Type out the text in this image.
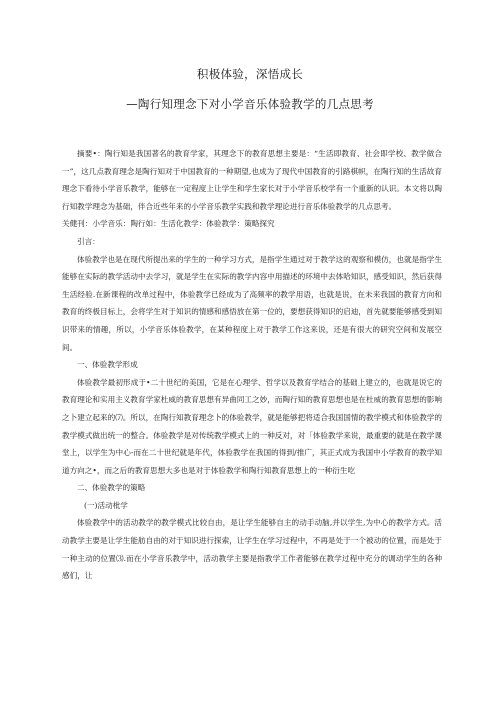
积极体验，深悟成长
—陶行知理念下对小学音乐体验教学的几点思考

摘要•：陶行知是我国著名的教育学家，其理念下的教育思想主要是：“生活即教育、社会即学校、教学做合一”，这几点教育理念是陶行知对于中国教育的一种期望,也成为了现代中国教育的引路棋帜，在陶行知的生活故育理念下看待小学音乐教学，能够在一定程度上让学生和学生家长对于小学音乐校学有一个重新的认识。本文将以陶行知教学理念为基础，伴合近些年来的小学音乐教学实践和教学理论进行音乐体验教学的几点思考。

关健刊：小学音乐：陶行如：生活化教学：体验教学：策略探究

引言：

体验教学也是在现代所提出来的学生的一种学习方式，是指学生通过对于教学这的观察和模仿，也就是指学生能够在实际的教学活动中去学习，就是学生在实际的教学内容中用描述的环境中去体哈知识，感受知识，然后获得生活经验.在新课程的改单过程中，体验教学已经成为了高频率的教学用语，也就是说，在未来我国的教育方向和教育的终极目标上，会将学生对于知识的情感和感悟放在第一位的，要想获得知识的启迪，首先就要能够感受到知识带来的情趣，所以，小学音乐体验教学，在某种程度上对于教学工作这来说，还是有很大的研究空间和发展空间。

一、体验教学形成

体验教学最初形成于•二十世纪的美国，它是在心理学、哲学以及教育学结合的基础上建立的，也就是说它的教育理论和实用主义教育学家杜威的教育思想有异曲同工之妙，而陶行知的教育思想也是在杜威的教育思想的影响之卜建立起来的⑺。所以，在陶行知教育理念卜的体验教学，就是能够把将适合我国国情的教学模式和体验教学的教学模式做出统一的整合。体验教学是对传统教学模式上的一种反对，对「体验教学来说，最重要的就是在教学课堂上，以学生为中心-而在二十世纪就是年代，体验教学在我国的得到/推广，其正式成为我国中小学教育的教学知道方向之•，而之后的教育思想大多也是对于体验教学和陶行知教育思想上的一种衍生吃

二、体验教学的策略

(一)活动枇学

体验教学中的活动教学的教学模式比较自由，是让学生能够自主的动手动脑,并以学生,为中心的教学方式。活动教学主要是让学生能舫自由的对于知识进行探索，让学生在学习过程中，不再是处于一个被动的位置，而是处于一种主动的位置⑶.而在小学音乐教学中，活动教学主要是指教学工作者能够在教学过程中充分的调动学生的各种感们，让
